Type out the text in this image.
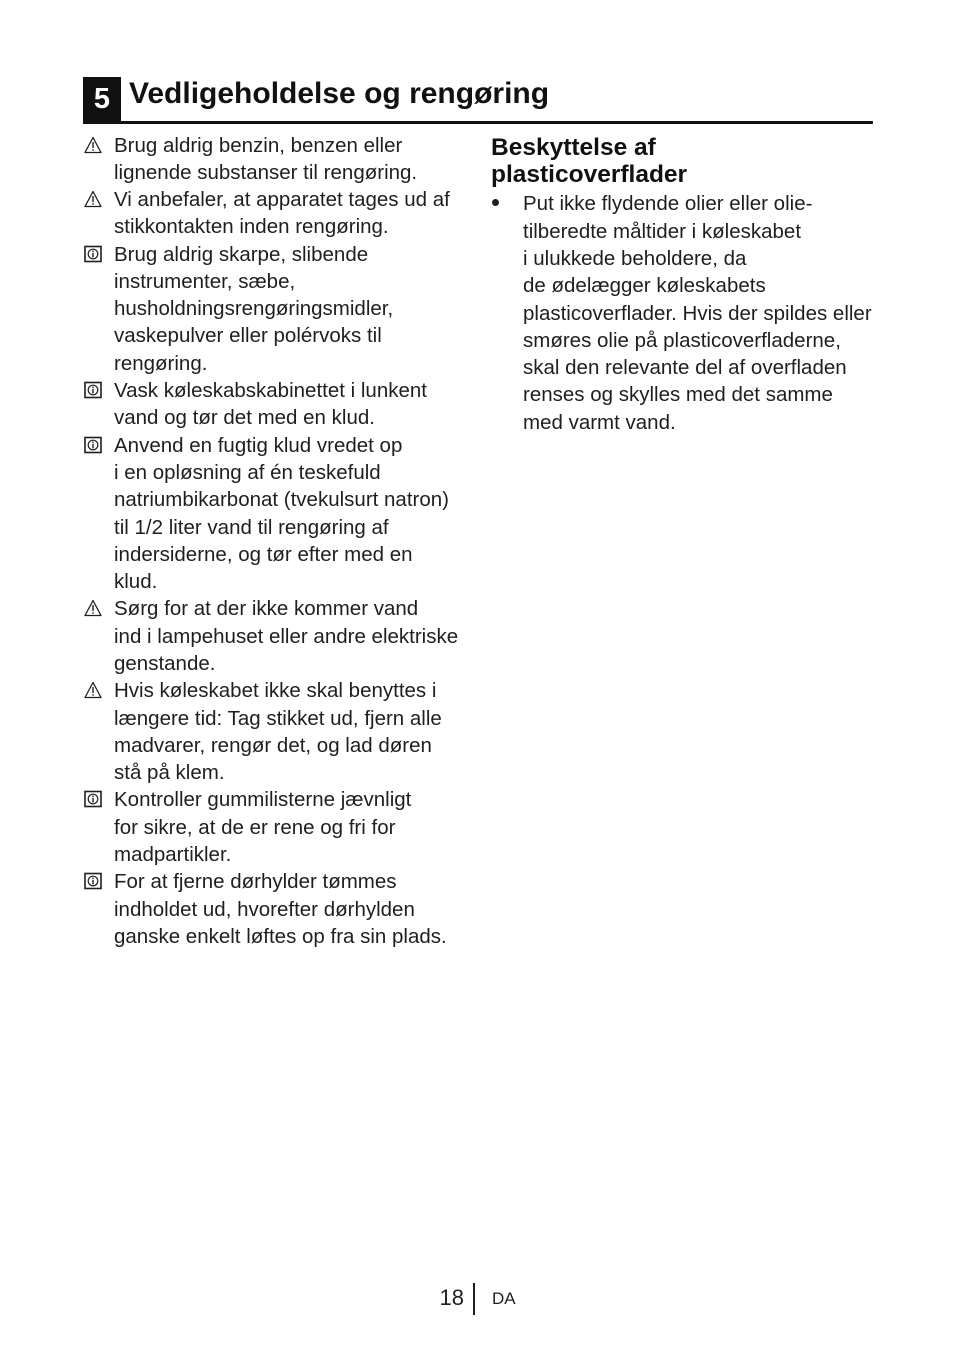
5 Vedligeholdelse og rengøring
Brug aldrig benzin, benzen eller
lignende substanser til rengøring.
Vi anbefaler, at apparatet tages ud af
stikkontakten inden rengøring.
Brug aldrig skarpe, slibende
instrumenter, sæbe,
husholdningsrengøringsmidler,
vaskepulver eller polérvoks til
rengøring.
Vask køleskabskabinettet i lunkent
vand og tør det med en klud.
Anvend en fugtig klud vredet op
i en opløsning af én teskefuld
natriumbikarbonat (tvekulsurt natron)
til 1/2 liter vand til rengøring af
indersiderne, og tør efter med en
klud.
Sørg for at der ikke kommer vand
ind i lampehuset eller andre elektriske
genstande.
Hvis køleskabet ikke skal benyttes i
længere tid: Tag stikket ud, fjern alle
madvarer, rengør det, og lad døren
stå på klem.
Kontroller gummilisterne jævnligt
for sikre, at de er rene og fri for
madpartikler.
For at fjerne dørhylder tømmes
indholdet ud, hvorefter dørhylden
ganske enkelt løftes op fra sin plads.
Beskyttelse af
plasticoverflader
Put ikke flydende olier eller olie-
tilberedte måltider i køleskabet
i ulukkede beholdere, da
de ødelægger køleskabets
plasticoverflader. Hvis der spildes eller
smøres olie på plasticoverfladerne,
skal den relevante del af overfladen
renses og skylles med det samme
med varmt vand.
18 DA
